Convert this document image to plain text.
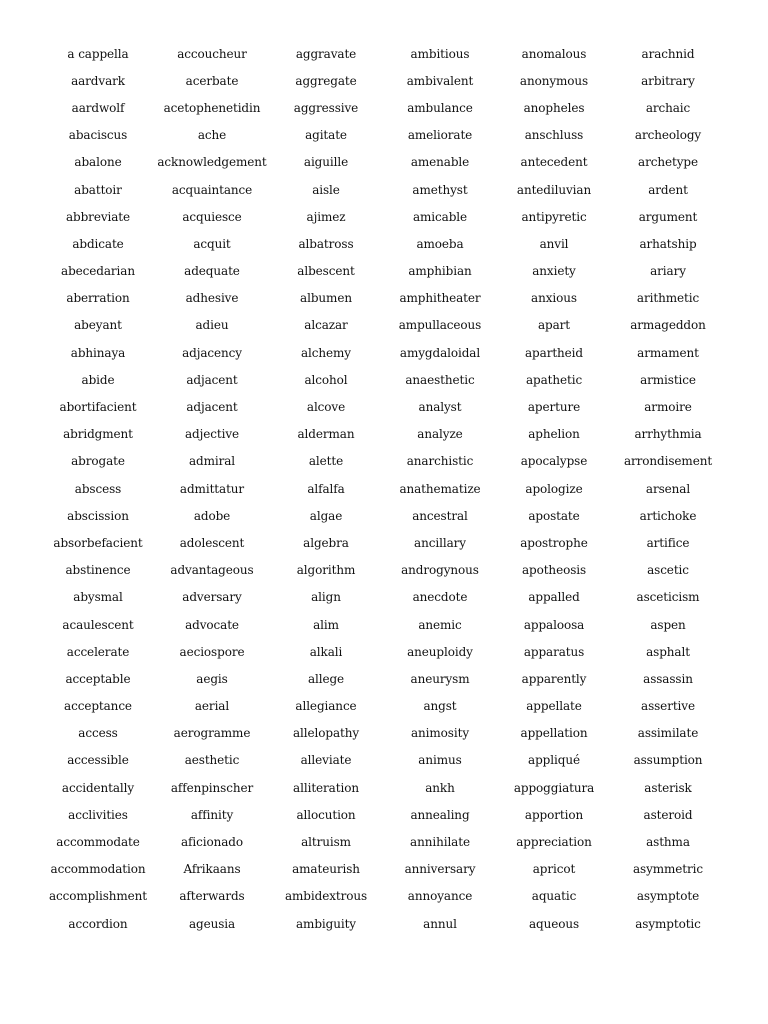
a cappella	accoucheur	aggravate	ambitious	anomalous	arachnid
aardvark	acerbate	aggregate	ambivalent	anonymous	arbitrary
aardwolf	acetophenetidin	aggressive	ambulance	anopheles	archaic
abaciscus	ache	agitate	ameliorate	anschluss	archeology
abalone	acknowledgement	aiguille	amenable	antecedent	archetype
abattoir	acquaintance	aisle	amethyst	antediluvian	ardent
abbreviate	acquiesce	ajimez	amicable	antipyretic	argument
abdicate	acquit	albatross	amoeba	anvil	arhatship
abecedarian	adequate	albescent	amphibian	anxiety	ariary
aberration	adhesive	albumen	amphitheater	anxious	arithmetic
abeyant	adieu	alcazar	ampullaceous	apart	armageddon
abhinaya	adjacency	alchemy	amygdaloidal	apartheid	armament
abide	adjacent	alcohol	anaesthetic	apathetic	armistice
abortifacient	adjacent	alcove	analyst	aperture	armoire
abridgment	adjective	alderman	analyze	aphelion	arrhythmia
abrogate	admiral	alette	anarchistic	apocalypse	arrondisement
abscess	admittatur	alfalfa	anathematize	apologize	arsenal
abscission	adobe	algae	ancestral	apostate	artichoke
absorbefacient	adolescent	algebra	ancillary	apostrophe	artifice
abstinence	advantageous	algorithm	androgynous	apotheosis	ascetic
abysmal	adversary	align	anecdote	appalled	asceticism
acaulescent	advocate	alim	anemic	appaloosa	aspen
accelerate	aeciospore	alkali	aneuploidy	apparatus	asphalt
acceptable	aegis	allege	aneurysm	apparently	assassin
acceptance	aerial	allegiance	angst	appellate	assertive
access	aerogramme	allelopathy	animosity	appellation	assimilate
accessible	aesthetic	alleviate	animus	appliqué	assumption
accidentally	affenpinscher	alliteration	ankh	appoggiatura	asterisk
acclivities	affinity	allocution	annealing	apportion	asteroid
accommodate	aficionado	altruism	annihilate	appreciation	asthma
accommodation	Afrikaans	amateurish	anniversary	apricot	asymmetric
accomplishment	afterwards	ambidextrous	annoyance	aquatic	asymptote
accordion	ageusia	ambiguity	annul	aqueous	asymptotic
